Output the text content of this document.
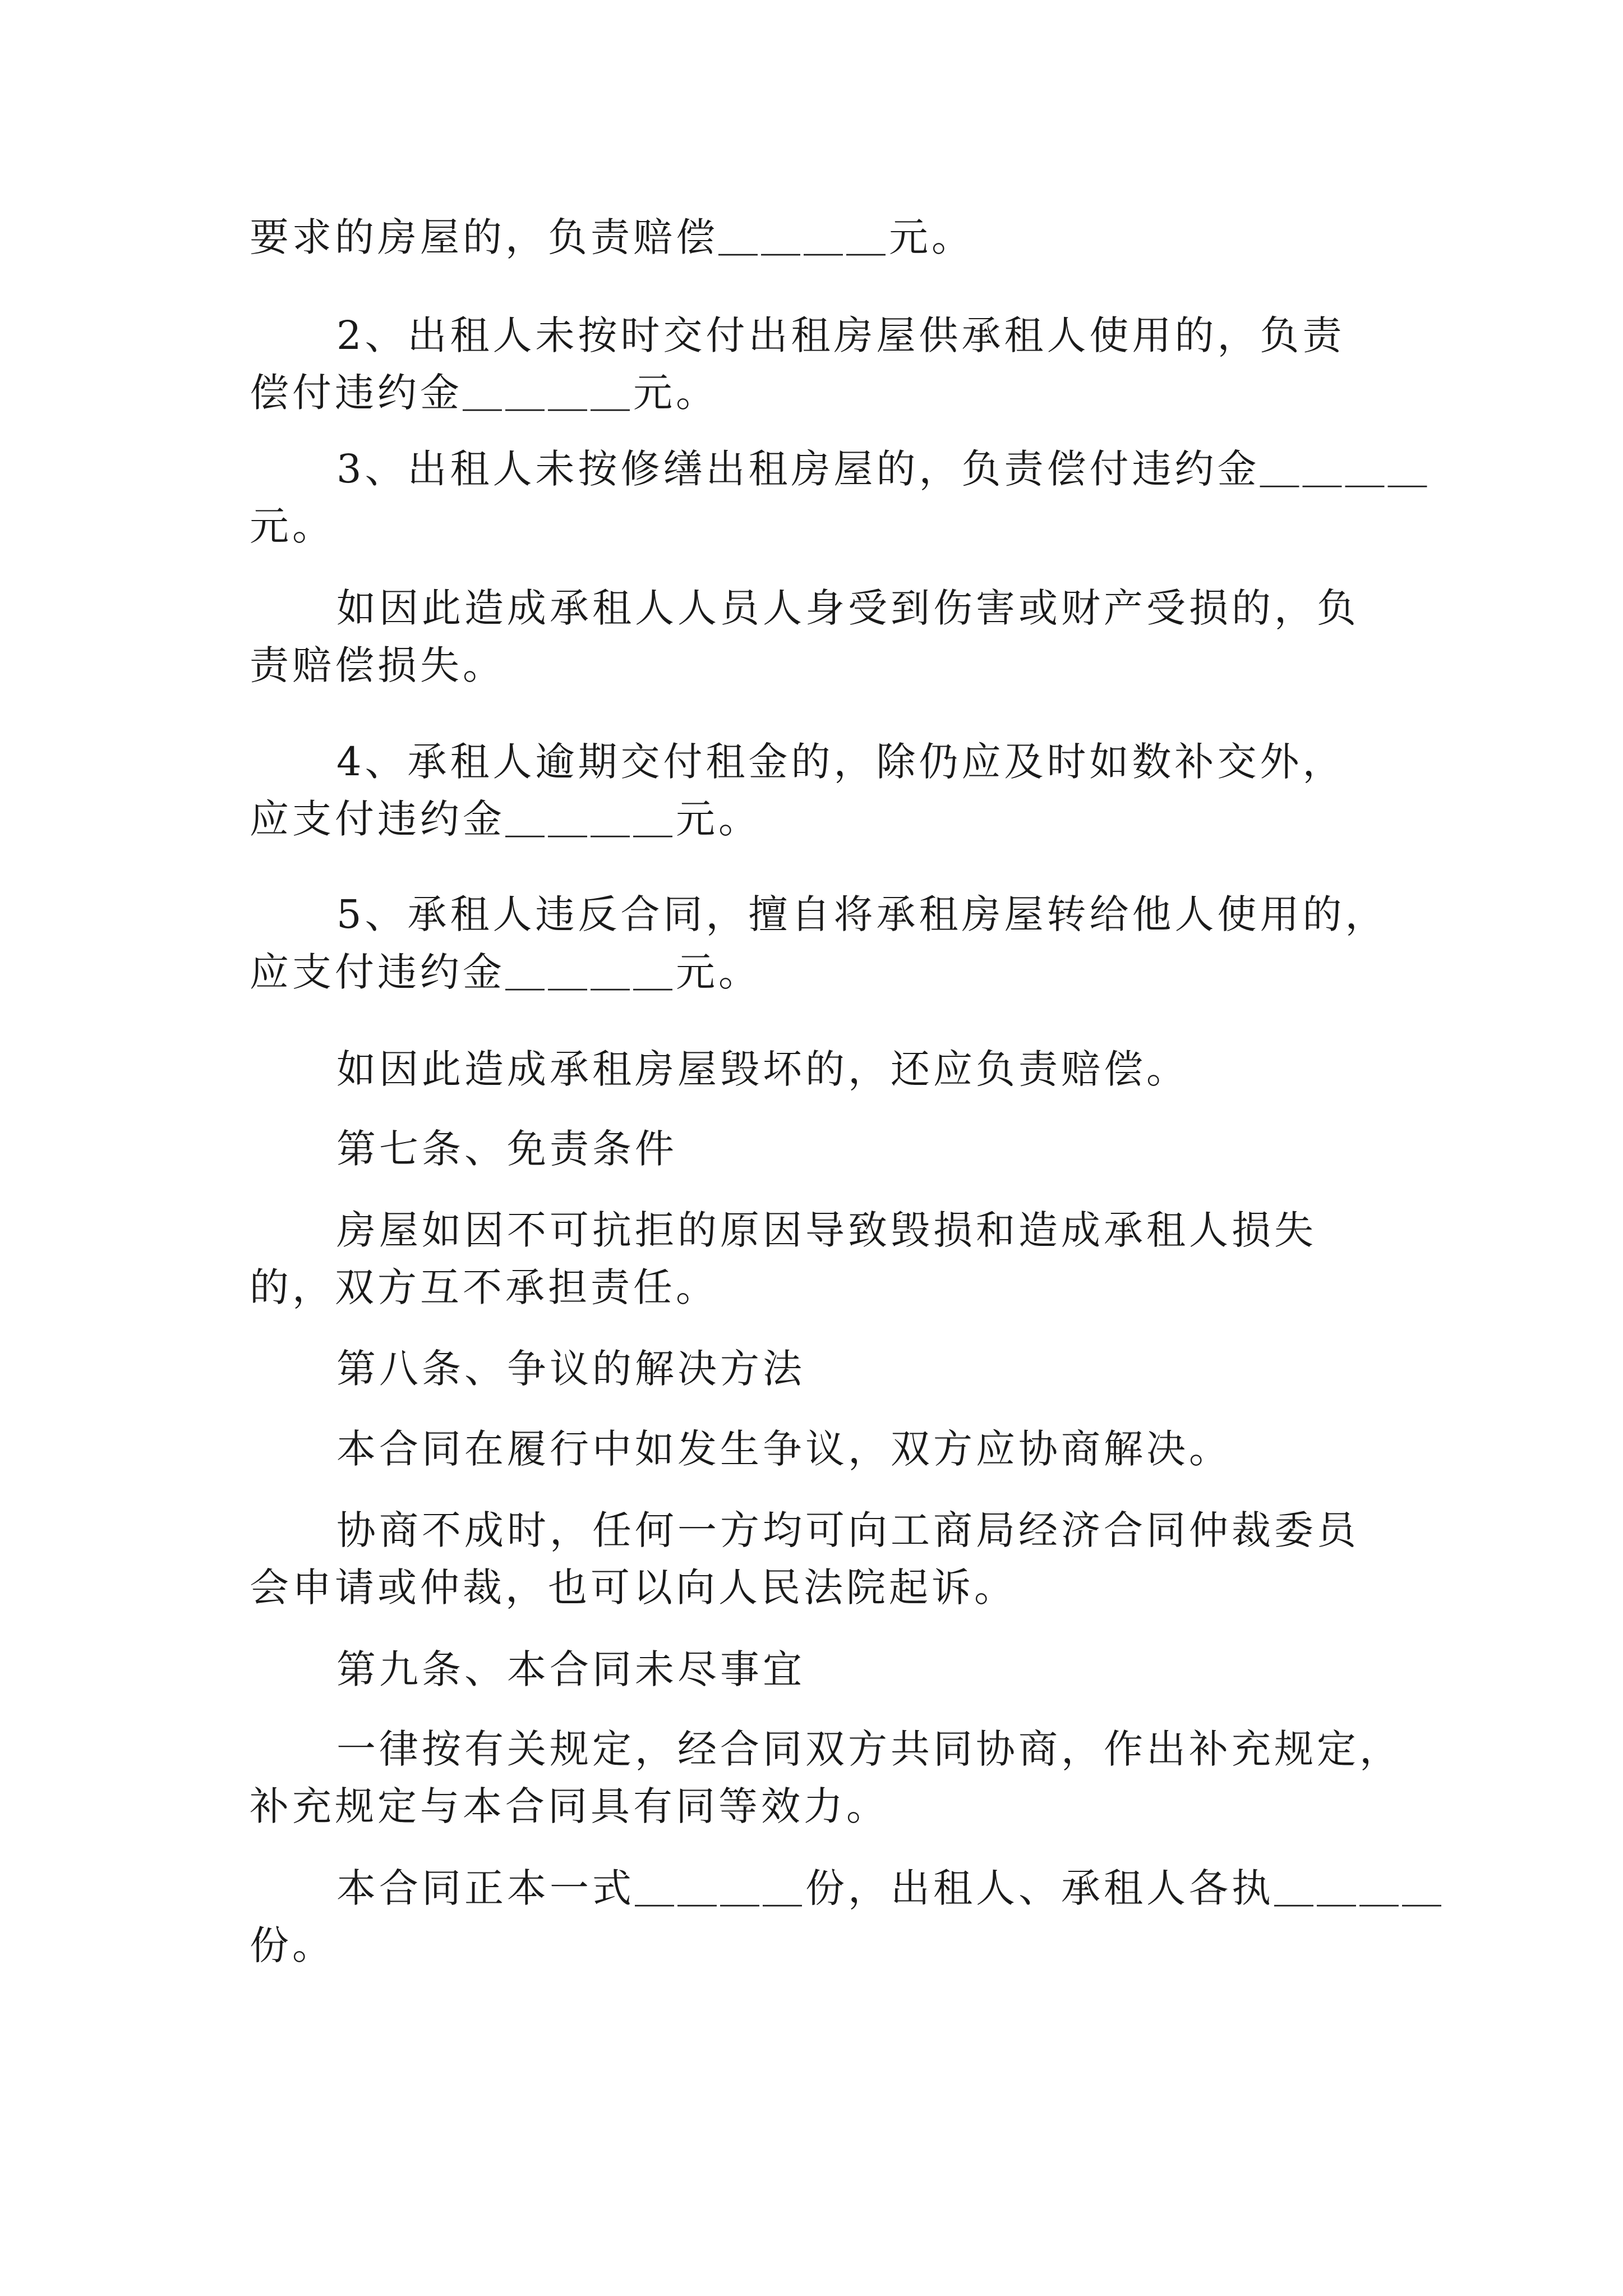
要求的房屋的，负责赔偿＿＿＿＿元。
2、出租人未按时交付出租房屋供承租人使用的，负责
偿付违约金＿＿＿＿元。
3、出租人未按修缮出租房屋的，负责偿付违约金＿＿＿＿
元。
如因此造成承租人人员人身受到伤害或财产受损的，负
责赔偿损失。
4、承租人逾期交付租金的，除仍应及时如数补交外，
应支付违约金＿＿＿＿元。
5、承租人违反合同，擅自将承租房屋转给他人使用的，
应支付违约金＿＿＿＿元。
如因此造成承租房屋毁坏的，还应负责赔偿。
第七条、免责条件
房屋如因不可抗拒的原因导致毁损和造成承租人损失
的，双方互不承担责任。
第八条、争议的解决方法
本合同在履行中如发生争议，双方应协商解决。
协商不成时，任何一方均可向工商局经济合同仲裁委员
会申请或仲裁，也可以向人民法院起诉。
第九条、本合同未尽事宜
一律按有关规定，经合同双方共同协商，作出补充规定，
补充规定与本合同具有同等效力。
本合同正本一式＿＿＿＿份，出租人、承租人各执＿＿＿＿
份。
